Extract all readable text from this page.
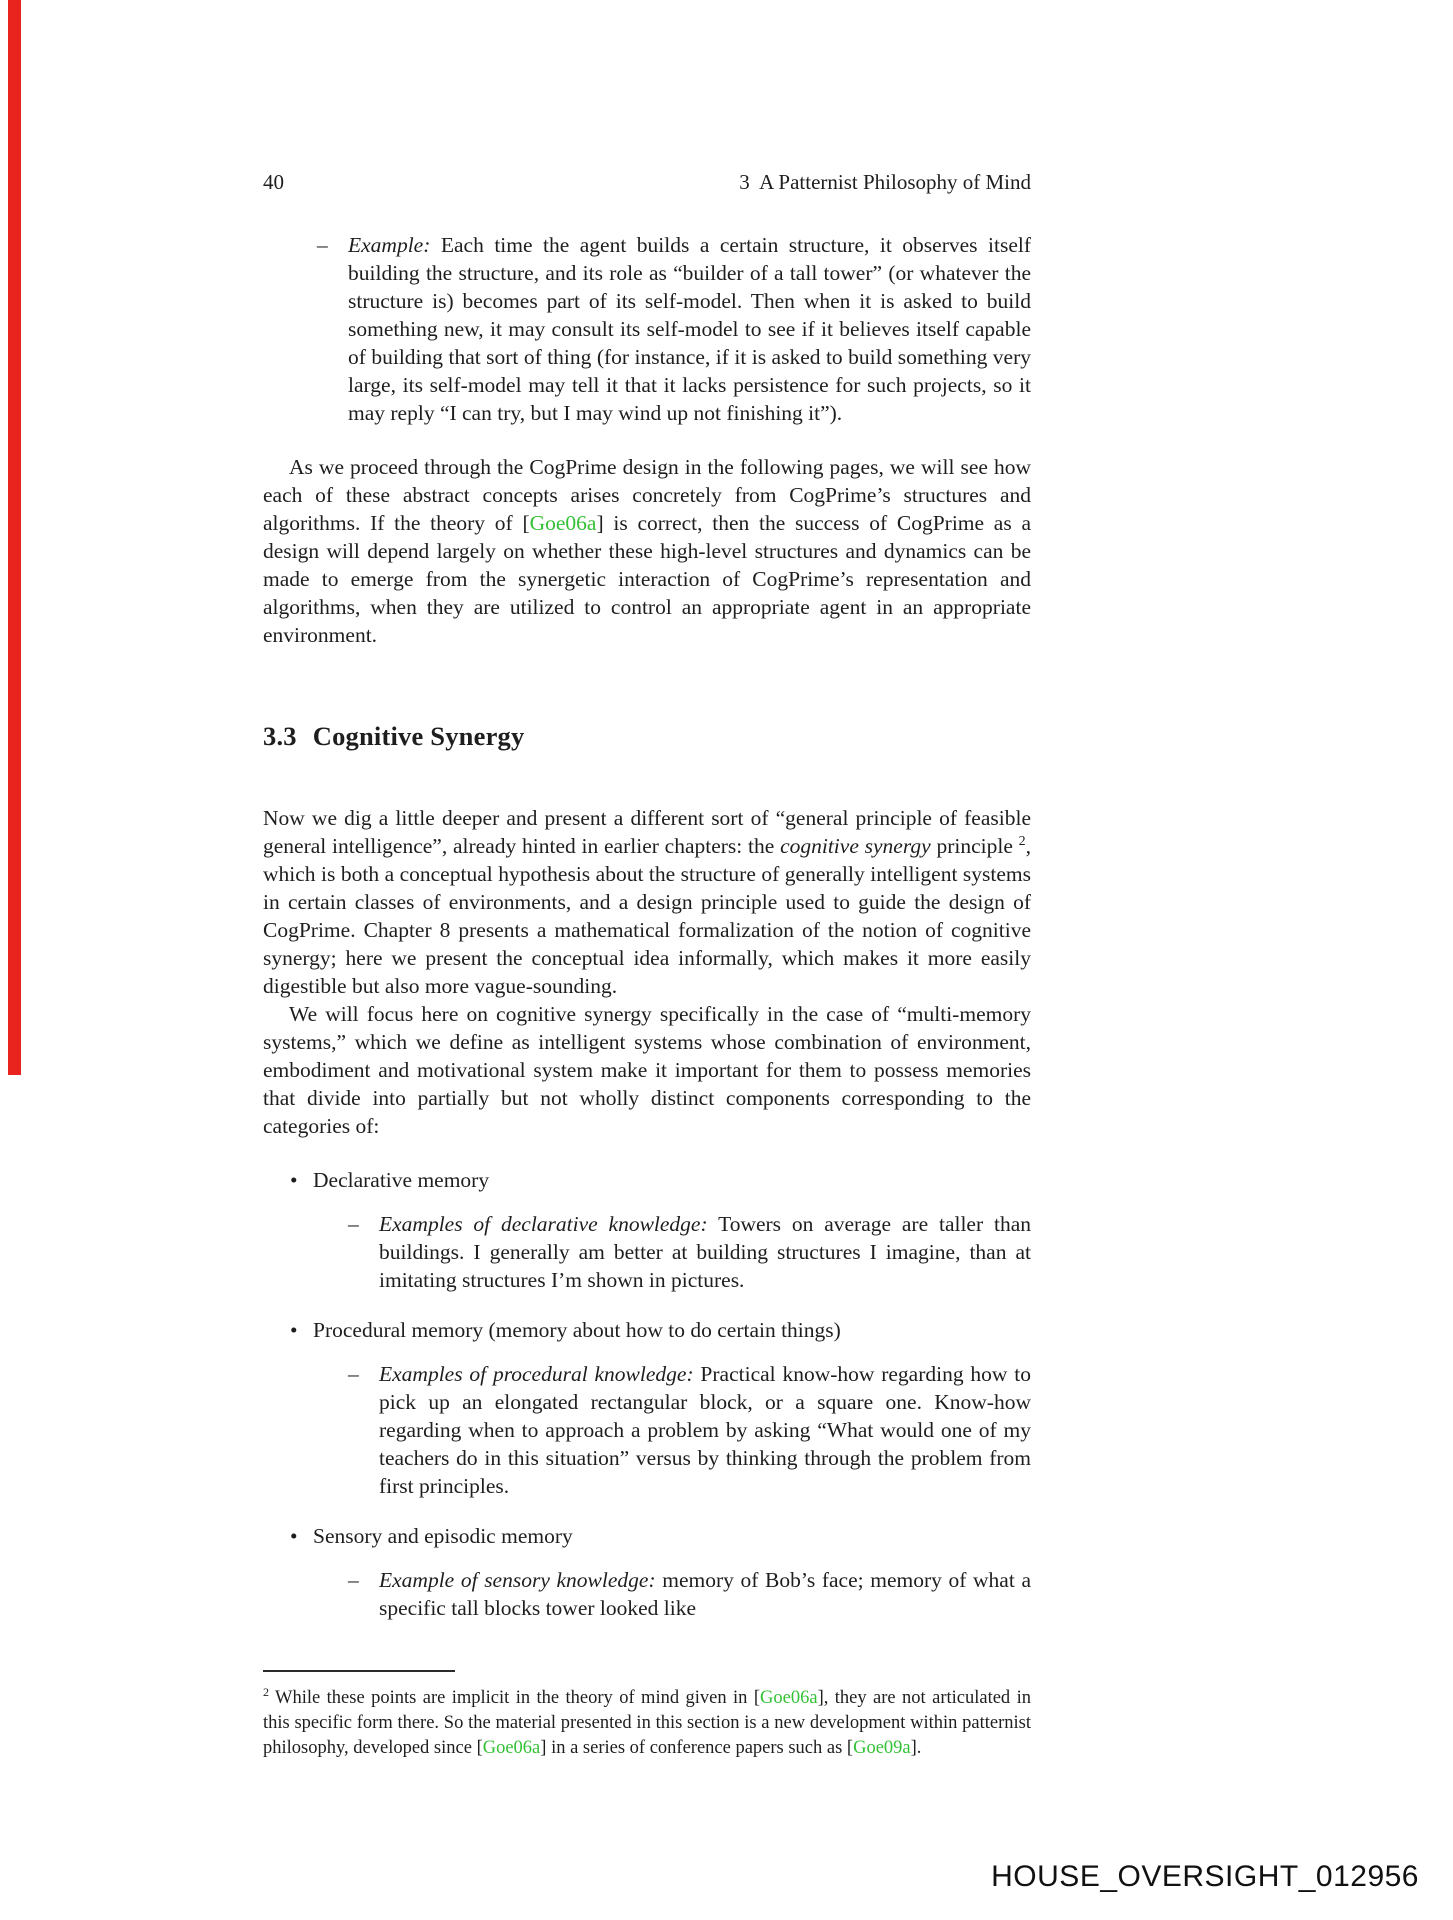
40	3  A Patternist Philosophy of Mind
– Example: Each time the agent builds a certain structure, it observes itself building the structure, and its role as “builder of a tall tower” (or whatever the structure is) becomes part of its self-model. Then when it is asked to build something new, it may consult its self-model to see if it believes itself capable of building that sort of thing (for instance, if it is asked to build something very large, its self-model may tell it that it lacks persistence for such projects, so it may reply “I can try, but I may wind up not finishing it”).

As we proceed through the CogPrime design in the following pages, we will see how each of these abstract concepts arises concretely from CogPrime’s structures and algorithms. If the theory of [Goe06a] is correct, then the success of CogPrime as a design will depend largely on whether these high-level structures and dynamics can be made to emerge from the synergetic interaction of CogPrime’s representation and algorithms, when they are utilized to control an appropriate agent in an appropriate environment.

3.3 Cognitive Synergy

Now we dig a little deeper and present a different sort of “general principle of feasible general intelligence”, already hinted in earlier chapters: the cognitive synergy principle $^2$, which is both a conceptual hypothesis about the structure of generally intelligent systems in certain classes of environments, and a design principle used to guide the design of CogPrime. Chapter 8 presents a mathematical formalization of the notion of cognitive synergy; here we present the conceptual idea informally, which makes it more easily digestible but also more vague-sounding.

We will focus here on cognitive synergy specifically in the case of “multi-memory systems,” which we define as intelligent systems whose combination of environment, embodiment and motivational system make it important for them to possess memories that divide into partially but not wholly distinct components corresponding to the categories of:

• Declarative memory
– Examples of declarative knowledge: Towers on average are taller than buildings. I generally am better at building structures I imagine, than at imitating structures I’m shown in pictures.
• Procedural memory (memory about how to do certain things)
– Examples of procedural knowledge: Practical know-how regarding how to pick up an elongated rectangular block, or a square one. Know-how regarding when to approach a problem by asking “What would one of my teachers do in this situation” versus by thinking through the problem from first principles.
• Sensory and episodic memory
– Example of sensory knowledge: memory of Bob’s face; memory of what a specific tall blocks tower looked like
$^2$ While these points are implicit in the theory of mind given in [Goe06a], they are not articulated in this specific form there. So the material presented in this section is a new development within patternist philosophy, developed since [Goe06a] in a series of conference papers such as [Goe09a].
HOUSE_OVERSIGHT_012956
